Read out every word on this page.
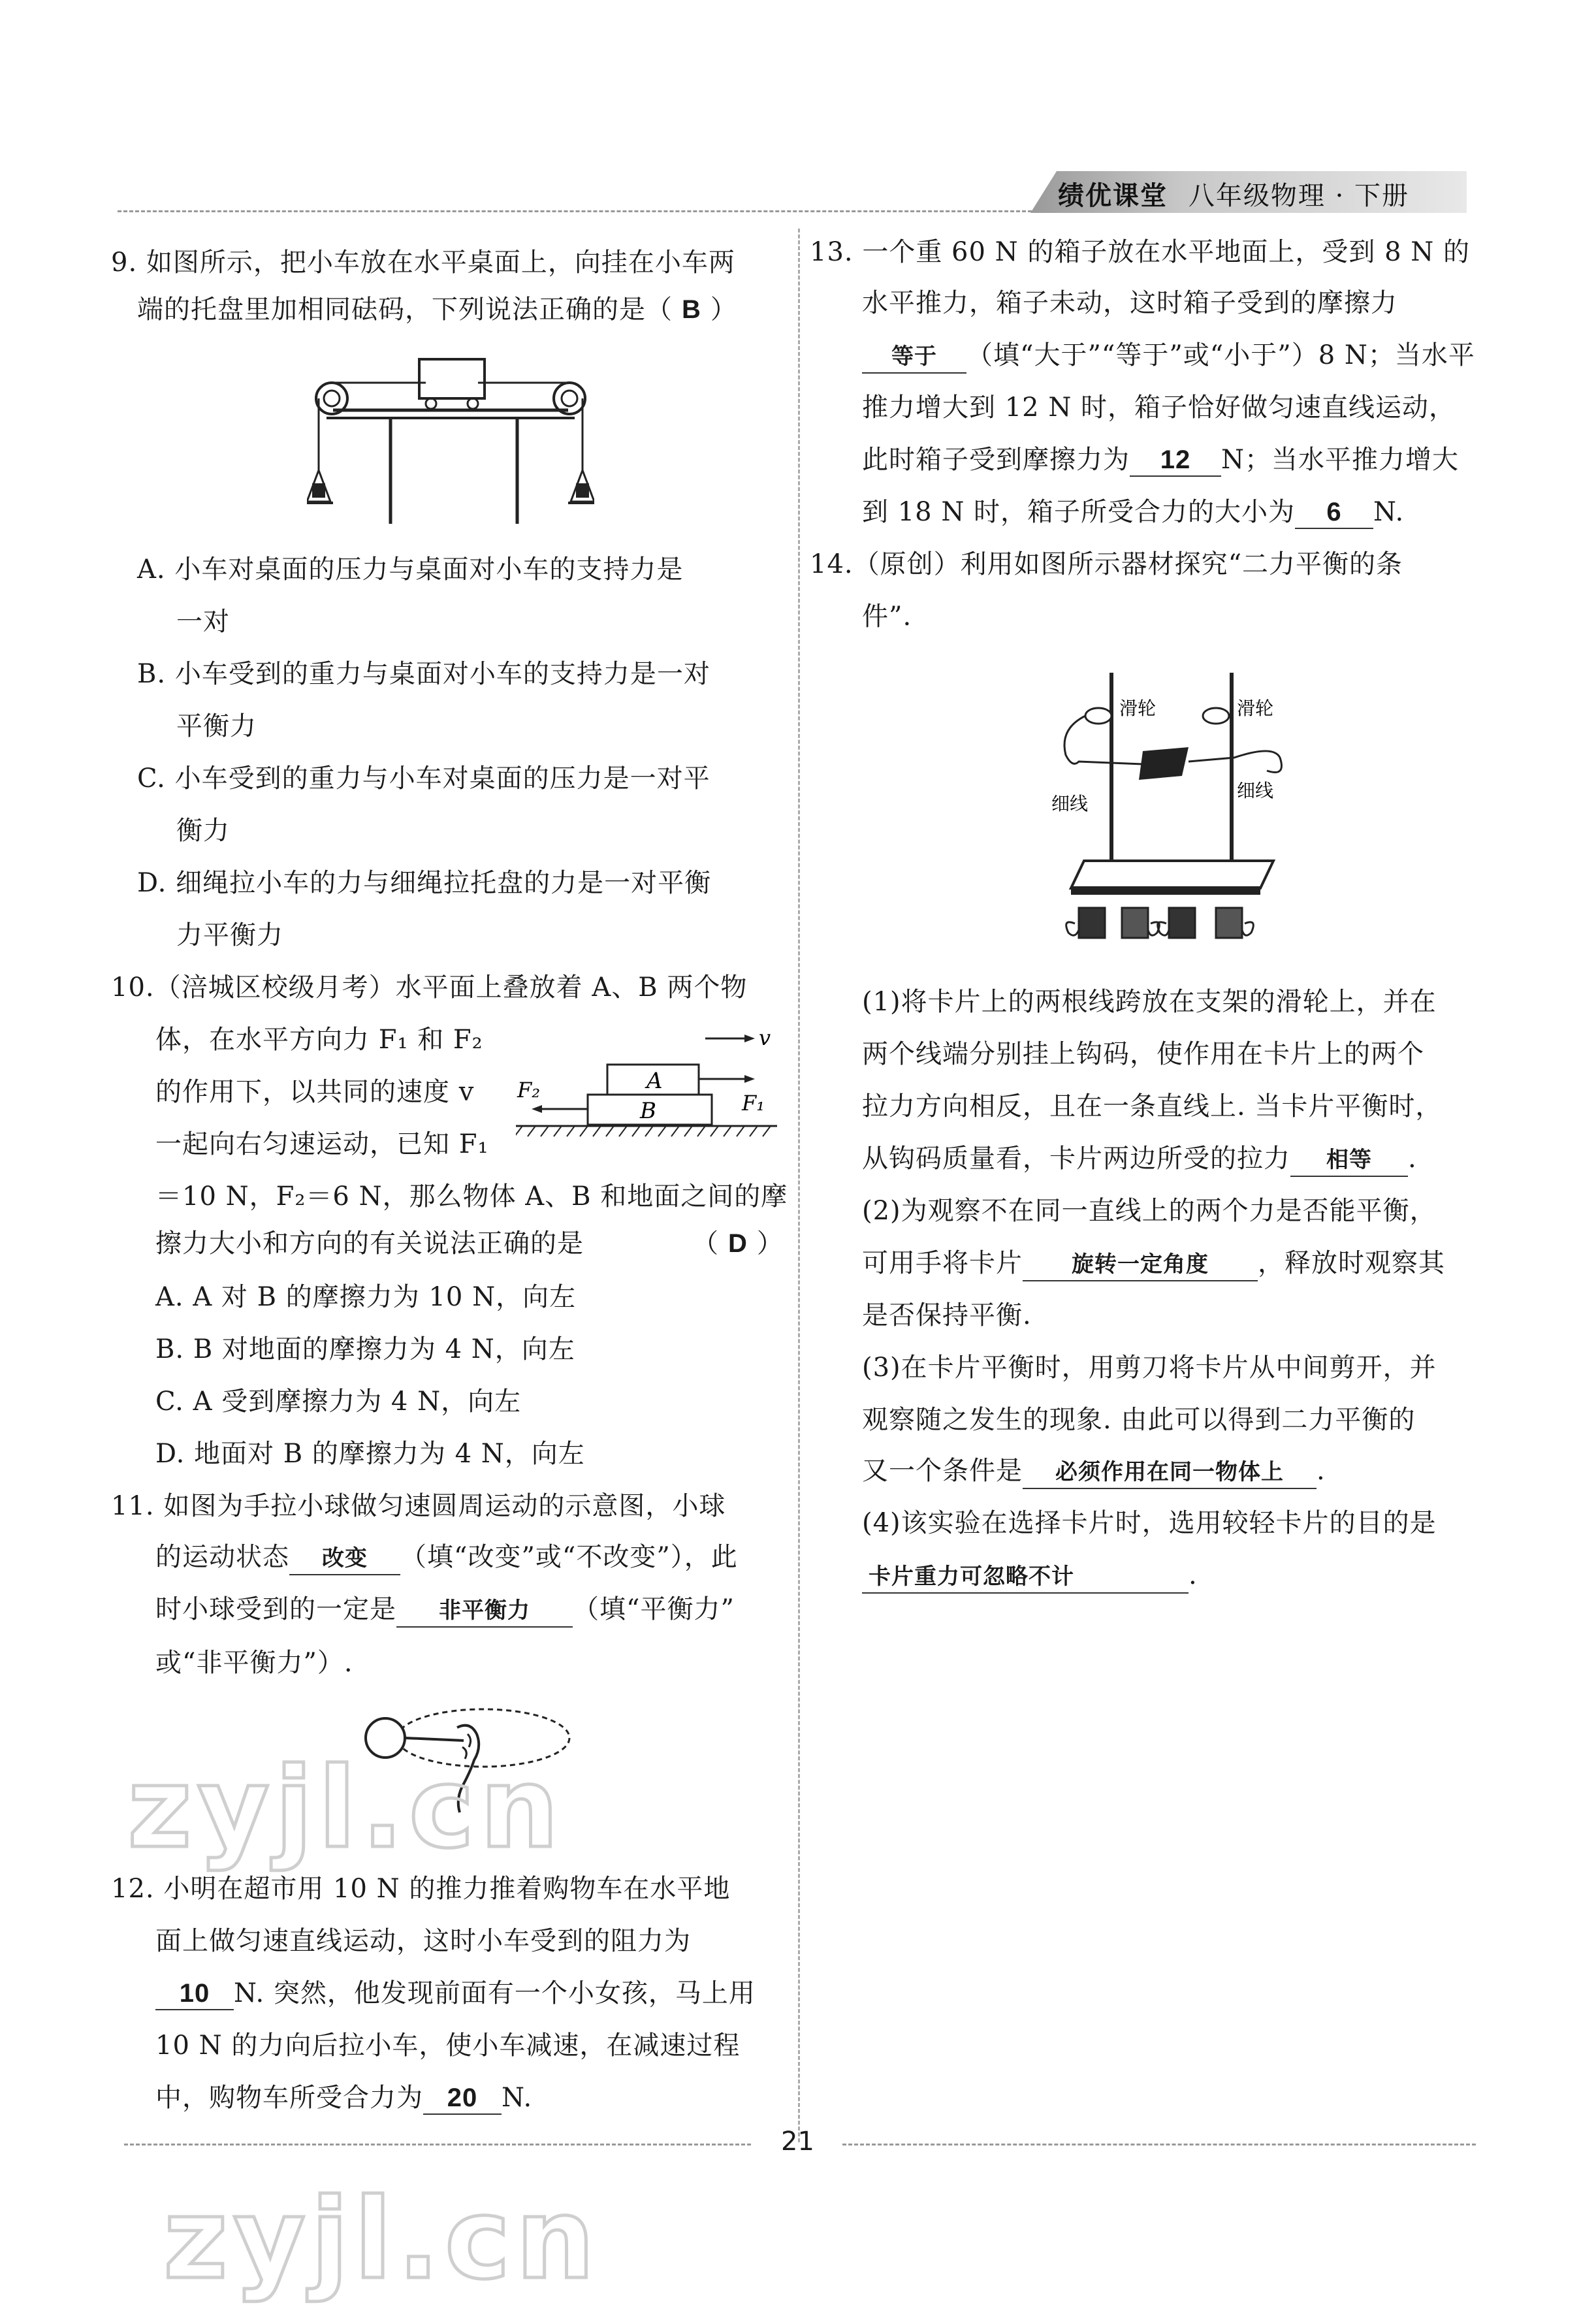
绩优课堂 八年级物理 · 下册
9. 如图所示，把小车放在水平桌面上，向挂在小车两
端的托盘里加相同砝码，下列说法正确的是（ B ）
A. 小车对桌面的压力与桌面对小车的支持力是
一对
B. 小车受到的重力与桌面对小车的支持力是一对
平衡力
C. 小车受到的重力与小车对桌面的压力是一对平
衡力
D. 细绳拉小车的力与细绳拉托盘的力是一对平衡
力平衡力
10.（涪城区校级月考）水平面上叠放着 A、B 两个物
体，在水平方向力 F₁ 和 F₂
的作用下，以共同的速度 v
一起向右匀速运动，已知 F₁
v
A
B	F₁
F₂
＝10 N，F₂＝6 N，那么物体 A、B 和地面之间的摩
擦力大小和方向的有关说法正确的是	（ D ）
A. A 对 B 的摩擦力为 10 N，向左
B. B 对地面的摩擦力为 4 N，向左
C. A 受到摩擦力为 4 N，向左
D. 地面对 B 的摩擦力为 4 N，向左
11. 如图为手拉小球做匀速圆周运动的示意图，小球
的运动状态 改变 （填“改变”或“不改变”），此
时小球受到的一定是 非平衡力 （填“平衡力”
或“非平衡力”）.
12. 小明在超市用 10 N 的推力推着购物车在水平地
面上做匀速直线运动，这时小车受到的阻力为
10 N. 突然，他发现前面有一个小女孩，马上用
10 N 的力向后拉小车，使小车减速，在减速过程
中，购物车所受合力为 20 N.
13. 一个重 60 N 的箱子放在水平地面上，受到 8 N 的
水平推力，箱子未动，这时箱子受到的摩擦力
等于 （填“大于”“等于”或“小于”）8 N；当水平
推力增大到 12 N 时，箱子恰好做匀速直线运动，
此时箱子受到摩擦力为 12 N；当水平推力增大
到 18 N 时，箱子所受合力的大小为 6 N.
14.（原创）利用如图所示器材探究“二力平衡的条
件”.
滑轮	滑轮
细线
细线
(1)将卡片上的两根线跨放在支架的滑轮上，并在
两个线端分别挂上钩码，使作用在卡片上的两个
拉力方向相反，且在一条直线上. 当卡片平衡时，
从钩码质量看，卡片两边所受的拉力 相等 .
(2)为观察不在同一直线上的两个力是否能平衡，
可用手将卡片 旋转一定角度 ，释放时观察其
是否保持平衡.
(3)在卡片平衡时，用剪刀将卡片从中间剪开，并
观察随之发生的现象. 由此可以得到二力平衡的
又一个条件是 必须作用在同一物体上 .
(4)该实验在选择卡片时，选用较轻卡片的目的是
卡片重力可忽略不计	.
21
zyjl.cn
zyjl.cn
